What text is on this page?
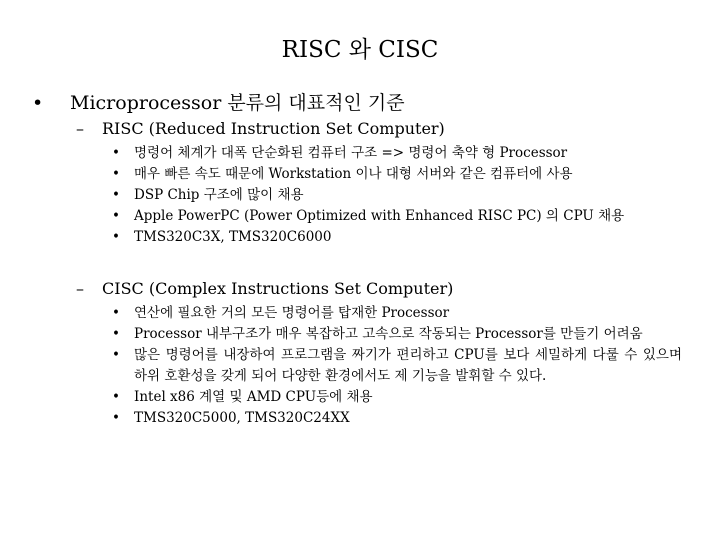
RISC 와 CISC
• Microprocessor 분류의 대표적인 기준
– RISC (Reduced Instruction Set Computer)
• 명령어 체계가 대폭 단순화된 컴퓨터 구조 => 명령어 축약 형 Processor
• 매우 빠른 속도 때문에 Workstation 이나 대형 서버와 같은 컴퓨터에 사용
• DSP Chip 구조에 많이 채용
• Apple PowerPC (Power Optimized with Enhanced RISC PC) 의 CPU 채용
• TMS320C3X, TMS320C6000
– CISC (Complex Instructions Set Computer)
• 연산에 필요한 거의 모든 명령어를 탑재한 Processor
• Processor 내부구조가 매우 복잡하고 고속으로 작동되는 Processor를 만들기 어려움
• 많은 명령어를 내장하여 프로그램을 짜기가 편리하고 CPU를 보다 세밀하게 다룰 수 있으며 하위 호환성을 갖게 되어 다양한 환경에서도 제 기능을 발휘할 수 있다.
• Intel x86 계열 및 AMD CPU등에 채용
• TMS320C5000, TMS320C24XX
